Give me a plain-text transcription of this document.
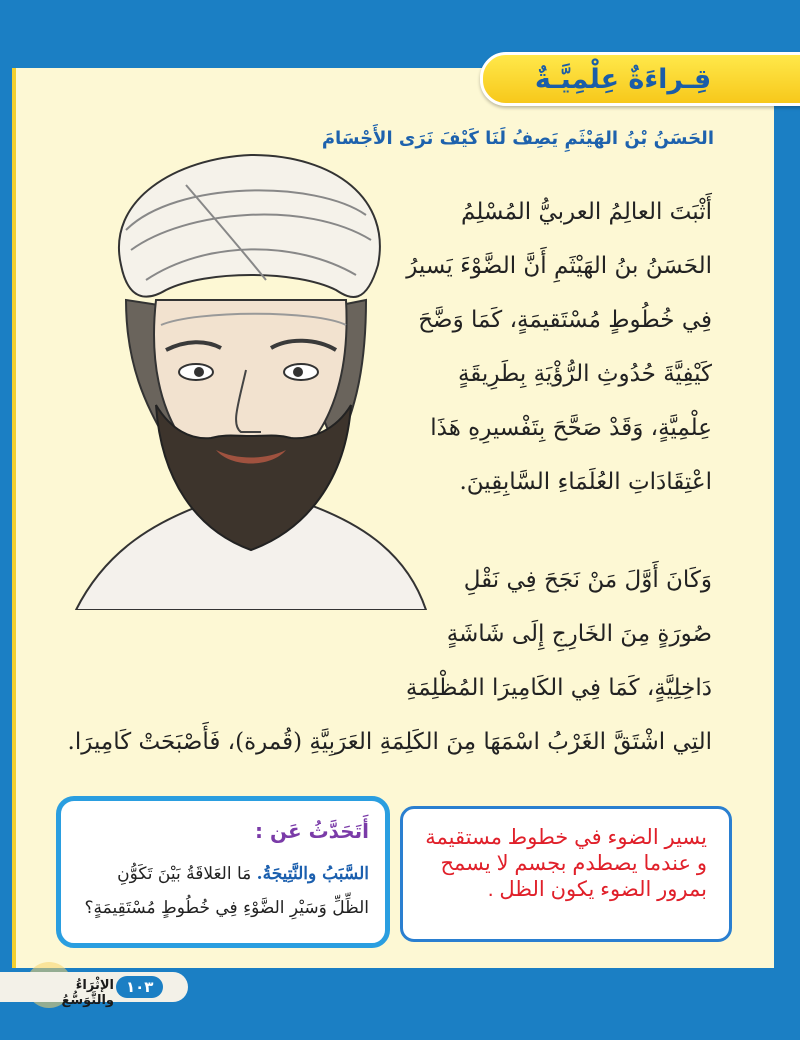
قِـراءَةٌ عِلْمِيَّـةٌ
الحَسَنُ بْنُ الهَيْثَمِ يَصِفُ لَنَا كَيْفَ نَرَى الأَجْسَامَ
أَثْبَتَ العالِمُ العربيُّ المُسْلِمُ
الحَسَنُ بنُ الهَيْثَمِ أَنَّ الضَّوْءَ يَسيرُ
فِي خُطُوطٍ مُسْتَقيمَةٍ، كَمَا وَضَّحَ
كَيْفِيَّةَ حُدُوثِ الرُّؤْيَةِ بِطَرِيقَةٍ
عِلْمِيَّةٍ، وَقَدْ صَحَّحَ بِتَفْسيرِهِ هَذَا
اعْتِقَادَاتِ العُلَمَاءِ السَّابِقِينَ.
وَكَانَ أَوَّلَ مَنْ نَجَحَ فِي نَقْلِ
صُورَةٍ مِنَ الخَارِجِ إِلَى شَاشَةٍ
دَاخِلِيَّةٍ، كَمَا فِي الكَامِيرَا المُظْلِمَةِ
التِي اشْتَقَّ الغَرْبُ اسْمَهَا مِنَ الكَلِمَةِ العَرَبِيَّةِ (قُمرة)، فَأَصْبَحَتْ كَامِيرَا.
أَتَحَدَّثُ عَن :
السَّبَبُ والنَّتِيجَةُ. مَا العَلاقَةُ بَيْنَ تَكَوُّنِ الظِّلِّ وَسَيْرِ الضَّوْءِ فِي خُطُوطٍ مُسْتَقِيمَةٍ؟
يسير الضوء في خطوط مستقيمة و عندما يصطدم بجسم لا يسمح بمرور الضوء يكون الظل .
الإثْرَاءُ والتَّوَسُّعُ
١٠٣
